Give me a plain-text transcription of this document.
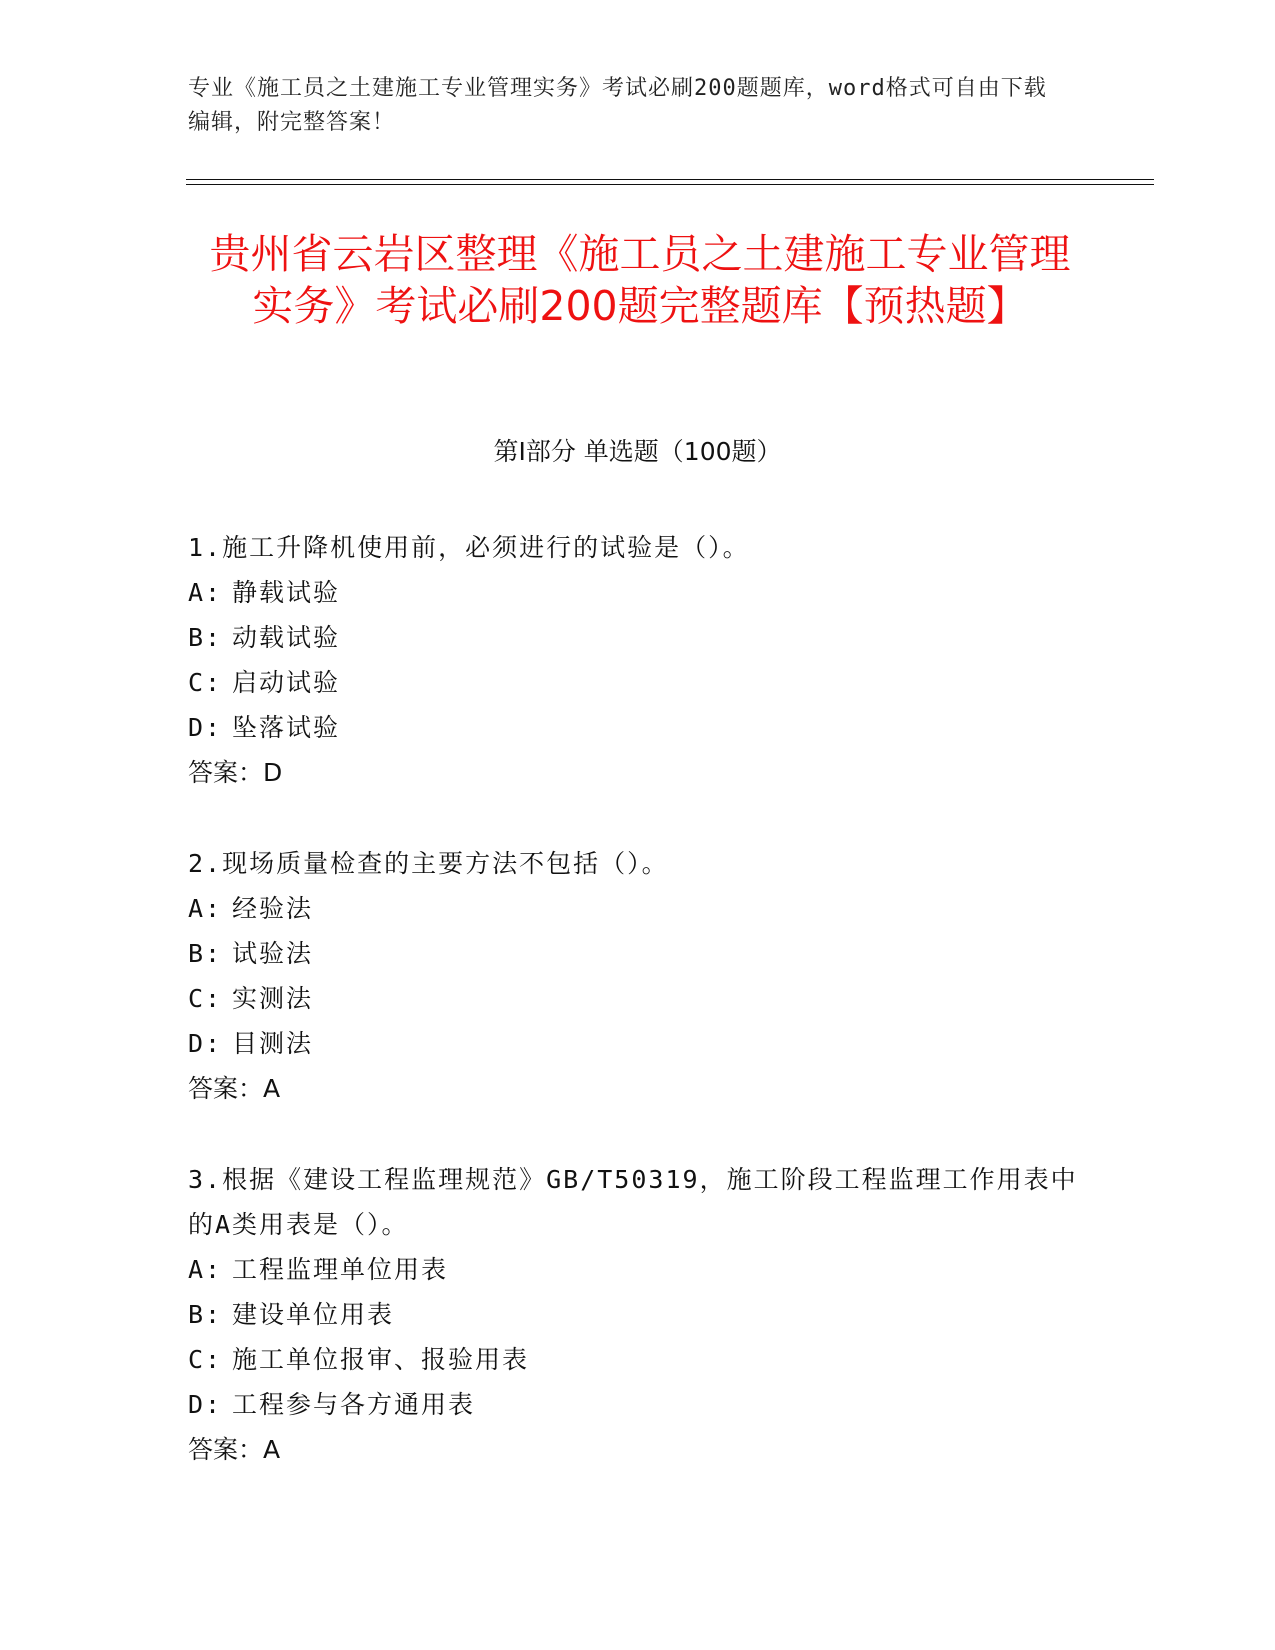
专业《施工员之土建施工专业管理实务》考试必刷200题题库，word格式可自由下载编辑，附完整答案！
贵州省云岩区整理《施工员之土建施工专业管理实务》考试必刷200题完整题库【预热题】
第Ⅰ部分 单选题（100题）
1.施工升降机使用前，必须进行的试验是（）。
A: 静载试验
B: 动载试验
C: 启动试验
D: 坠落试验
答案：D
2.现场质量检查的主要方法不包括（）。
A: 经验法
B: 试验法
C: 实测法
D: 目测法
答案：A
3.根据《建设工程监理规范》GB/T50319，施工阶段工程监理工作用表中的A类用表是（）。
A: 工程监理单位用表
B: 建设单位用表
C: 施工单位报审、报验用表
D: 工程参与各方通用表
答案：A
